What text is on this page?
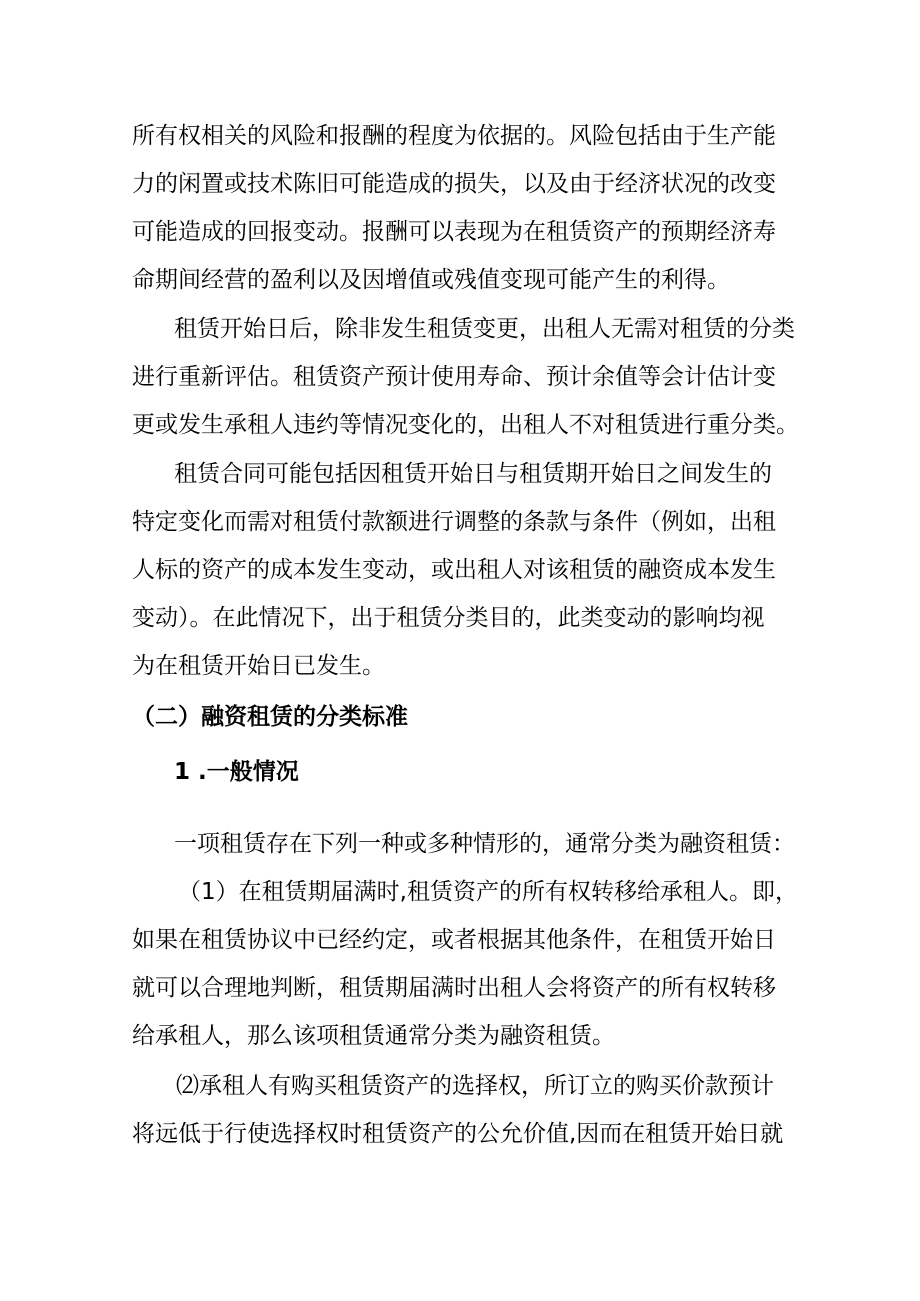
所有权相关的风险和报酬的程度为依据的。风险包括由于生产能

力的闲置或技术陈旧可能造成的损失，以及由于经济状况的改变

可能造成的回报变动。报酬可以表现为在租赁资产的预期经济寿

命期间经营的盈利以及因增值或残值变现可能产生的利得。

租赁开始日后，除非发生租赁变更，出租人无需对租赁的分类

进行重新评估。租赁资产预计使用寿命、预计余值等会计估计变

更或发生承租人违约等情况变化的，出租人不对租赁进行重分类。

租赁合同可能包括因租赁开始日与租赁期开始日之间发生的

特定变化而需对租赁付款额进行调整的条款与条件（例如，出租

人标的资产的成本发生变动，或出租人对该租赁的融资成本发生

变动）。在此情况下，出于租赁分类目的，此类变动的影响均视

为在租赁开始日已发生。

（二）融资租赁的分类标准

1 .一般情况

一项租赁存在下列一种或多种情形的，通常分类为融资租赁：

（1）在租赁期届满时,租赁资产的所有权转移给承租人。即，

如果在租赁协议中已经约定，或者根据其他条件，在租赁开始日

就可以合理地判断，租赁期届满时出租人会将资产的所有权转移

给承租人，那么该项租赁通常分类为融资租赁。

⑵承租人有购买租赁资产的选择权，所订立的购买价款预计

将远低于行使选择权时租赁资产的公允价值,因而在租赁开始日就
